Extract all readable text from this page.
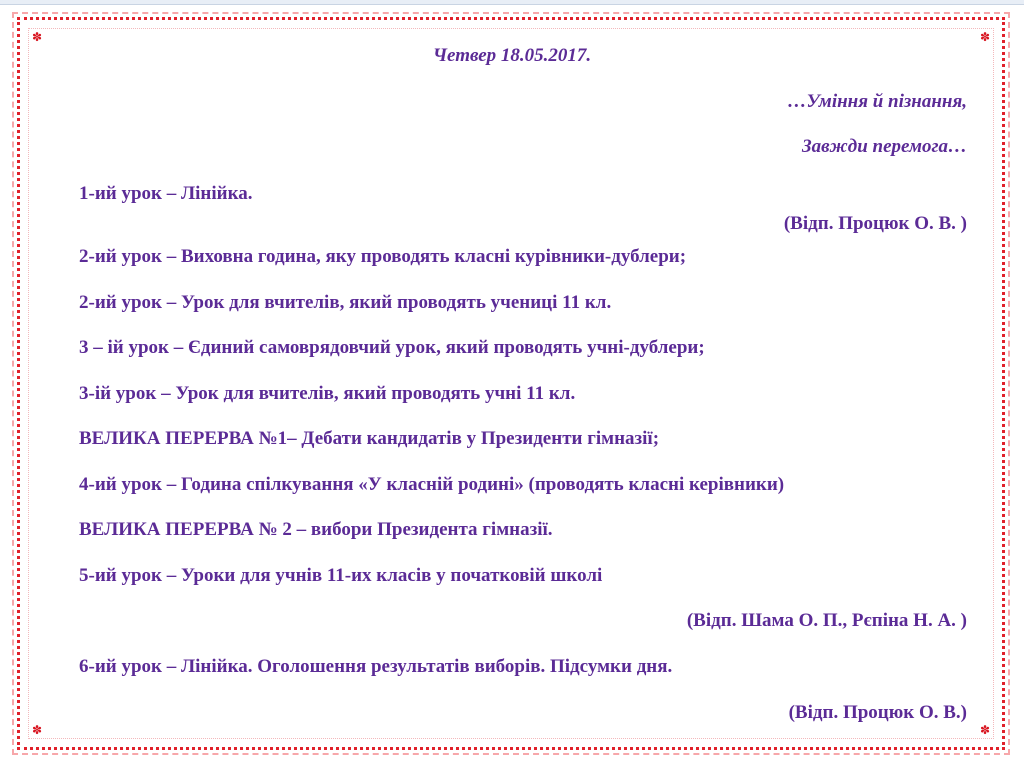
✽	✽
✽	✽
Четвер 18.05.2017.
…Уміння й пізнання,
Завжди перемога…
1-ий урок – Лінійка.
(Відп. Процюк О. В. )
2-ий урок – Виховна година, яку проводять класні курівники-дублери;
2-ий урок – Урок для вчителів, який проводять учениці 11 кл.
3 – ій урок – Єдиний самоврядовчий урок, який проводять учні-дублери;
3-ій урок – Урок для вчителів, який проводять учні 11 кл.
ВЕЛИКА ПЕРЕРВА №1– Дебати кандидатів у Президенти гімназії;
4-ий урок – Година спілкування «У класній родині» (проводять класні керівники)
ВЕЛИКА ПЕРЕРВА № 2 – вибори Президента гімназії.
5-ий урок – Уроки для учнів 11-их класів у початковій школі
(Відп. Шама О. П., Рєпіна Н. А. )
6-ий урок – Лінійка. Оголошення результатів виборів. Підсумки дня.
(Відп. Процюк О. В.)
